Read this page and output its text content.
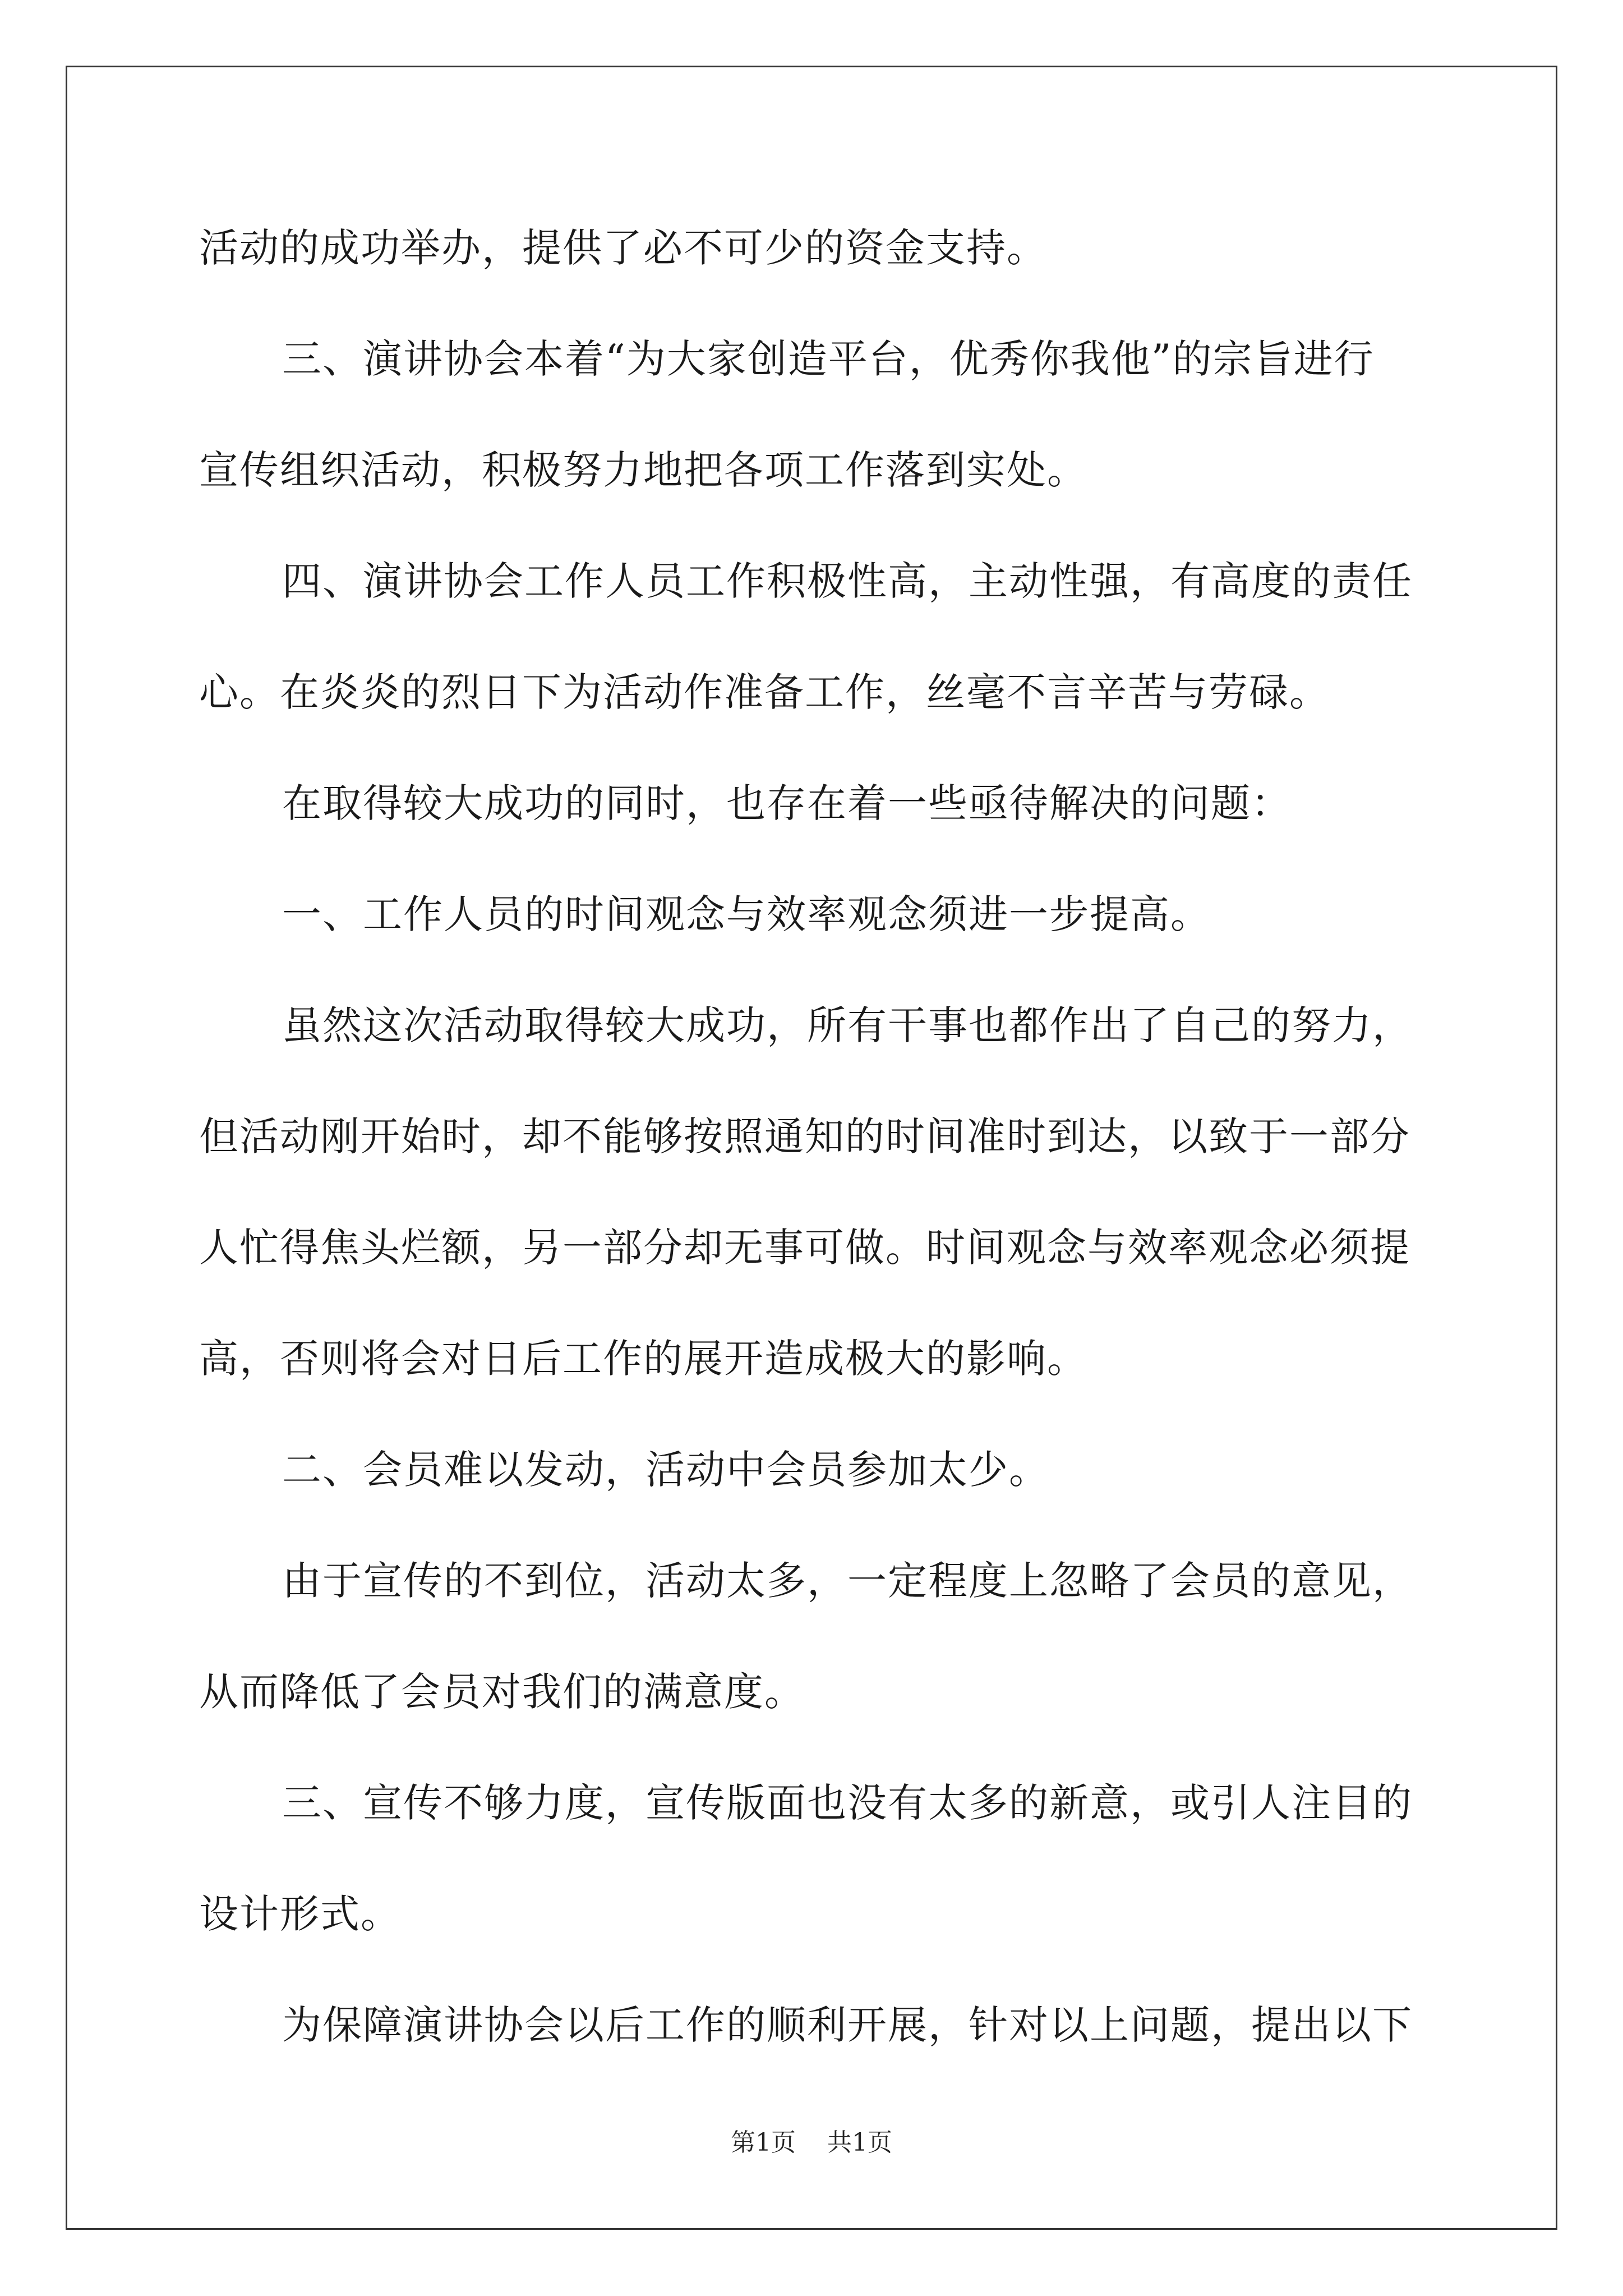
活动的成功举办，提供了必不可少的资金支持。
三、演讲协会本着“为大家创造平台，优秀你我他”的宗旨进行
宣传组织活动，积极努力地把各项工作落到实处。
四、演讲协会工作人员工作积极性高，主动性强，有高度的责任
心。在炎炎的烈日下为活动作准备工作，丝毫不言辛苦与劳碌。
在取得较大成功的同时，也存在着一些亟待解决的问题：
一、工作人员的时间观念与效率观念须进一步提高。
虽然这次活动取得较大成功，所有干事也都作出了自己的努力，
但活动刚开始时，却不能够按照通知的时间准时到达，以致于一部分
人忙得焦头烂额，另一部分却无事可做。时间观念与效率观念必须提
高，否则将会对日后工作的展开造成极大的影响。
二、会员难以发动，活动中会员参加太少。
由于宣传的不到位，活动太多，一定程度上忽略了会员的意见，
从而降低了会员对我们的满意度。
三、宣传不够力度，宣传版面也没有太多的新意，或引人注目的
设计形式。
为保障演讲协会以后工作的顺利开展，针对以上问题，提出以下
第1页 共1页
